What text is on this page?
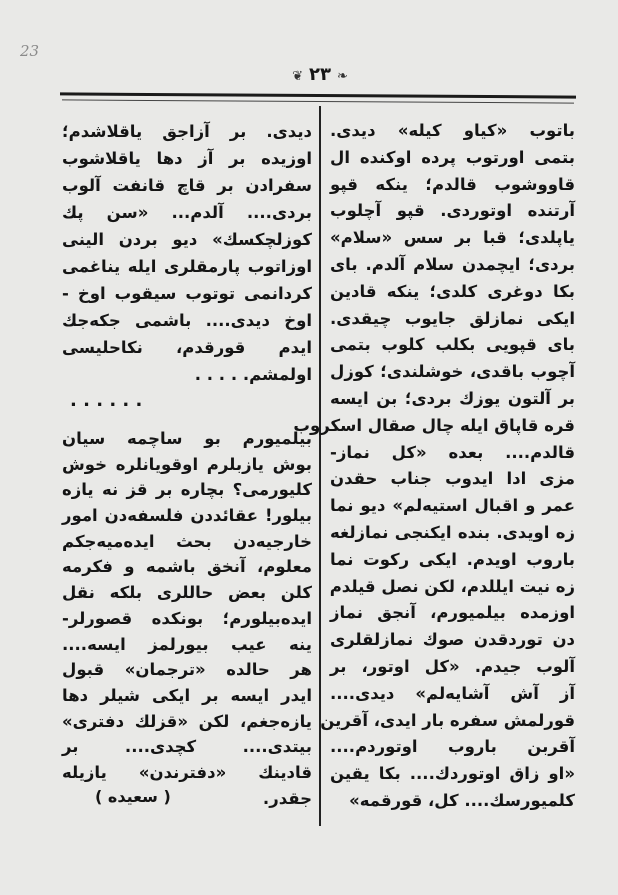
23
❦ ۲۳ ❧
باتوب «کیاو کیله» دیدی.
بتمی اورتوب پرده اوکنده ال
قاووشوب قالدم؛ ینکه قپو
آرتنده اوتوردی. قپو آچلوب
یاپلدی؛ قبا بر سس «سلام»
بردی؛ ایچمدن سلام آلدم. بای
بکا دوغری کلدی؛ ینکه قادین
ایکی نمازلق جایوب چیقدی.
بای قپویی بکلب کلوب بتمی
آچوب باقدی، خوشلندی؛ کوزل
بر آلتون یوزك بردی؛ بن ایسه
قره قاپاق ایله چال صقال اسکروب
قالدم.... بعده «کل نماز-
مزی ادا ایدوب جناب حقدن
عمر و اقبال استیه‌لم» دیو نما
زه اویدی. بنده ایکنجی نمازلغه
باروب اویدم. ایکی رکوت نما
زه نیت ایللدم، لکن نصل قیلدم
اوزمده بیلمیورم، آنجق نماز
دن توردقدن صوك نمازلقلری
آلوب جیدم. «کل اوتور، بر
آز آش آشایه‌لم» دیدی....
قورلمش سفره بار ایدی، آقرین
آقربن باروب اوتوردم....
«او زاق اوتوردك.... بکا یقین
کلمیورسك.... کل، قورقمه»
دیدی. بر آزاجق یاقلاشدم؛
اوزیده بر آز دها یاقلاشوب
سفرادن بر قاچ قانفت آلوب
بردی.... آلدم... «سن پك
کوزلچکسك» دیو بردن الینی
اوزاتوب پارمقلری ایله یناغمی
کردانمی توتوب سیقوب اوخ -
اوخ دیدی.... باشمی جکه‌جك
ایدم قورقدم، نکاحلیسی
اولمشم. . . . .
. . . . . .
بیلمیورم بو ساچمه سیان
بوش یازبلرم اوقویانلره خوش
کلیورمی؟ بچاره بر قز نه یازه
بیلور! عقائددن فلسفه‌دن امور
خارجیه‌دن بحث ایده‌میه‌جکم
معلوم، آنخق باشمه و فکرمه
کلن بعض حاللری بلکه نقل
ایده‌بیلورم؛ بونکده قصورلر-
ینه عیب بیورلمز ایسه....
هر حالده «ترجمان» قبول
ایدر ایسه بر ایکی شیلر دها
یازه‌جغم، لکن «قزلك دفتری»
بیتدی.... کچدی.... بر
قادینك «دفترندن» یازیله
جقدر.
( سعیده )
